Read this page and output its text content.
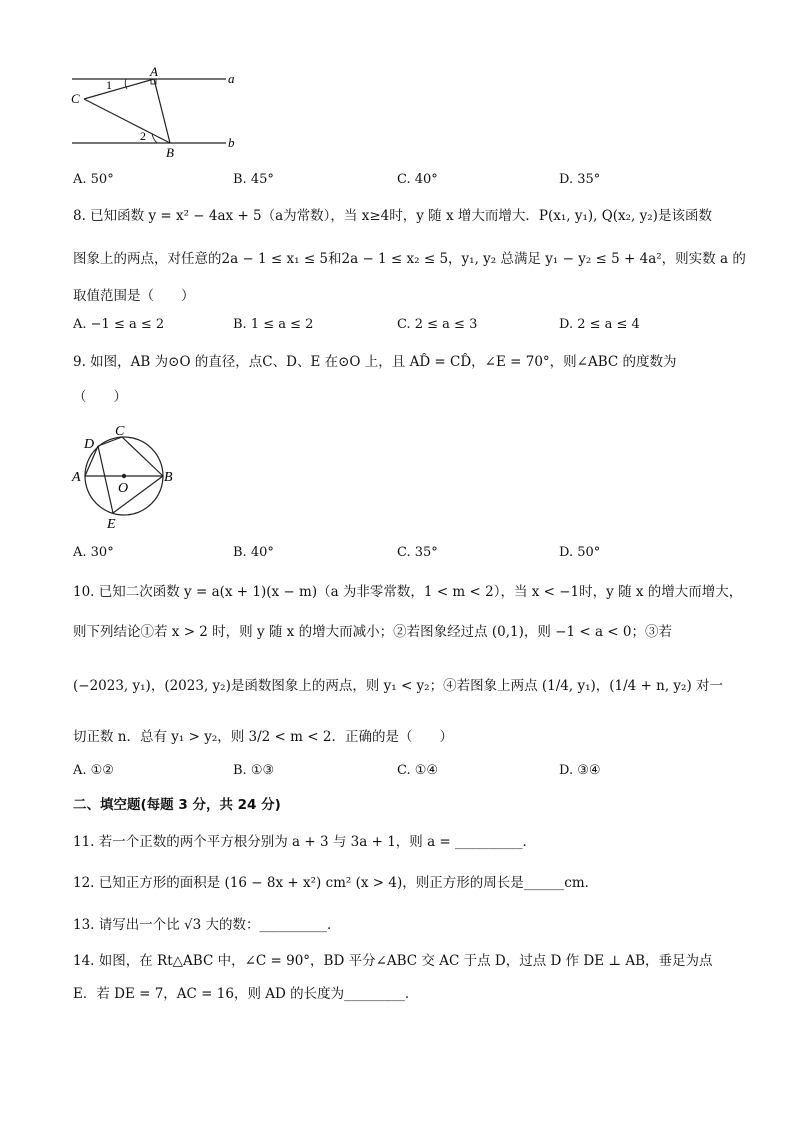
A	a
C
1
2
B
b
A. 50°	B. 45°	C. 40°	D. 35°
8. 已知函数 y = x² − 4ax + 5（a为常数），当 x≥4时，y 随 x 增大而增大．P(x₁, y₁), Q(x₂, y₂)是该函数
图象上的两点，对任意的2a − 1 ≤ x₁ ≤ 5和2a − 1 ≤ x₂ ≤ 5，y₁, y₂ 总满足 y₁ − y₂ ≤ 5 + 4a²，则实数 a 的
取值范围是（　　）
A. −1 ≤ a ≤ 2	B. 1 ≤ a ≤ 2	C. 2 ≤ a ≤ 3	D. 2 ≤ a ≤ 4
9. 如图，AB 为⊙O 的直径，点C、D、E 在⊙O 上，且 AD̂ = CD̂，∠E = 70°，则∠ABC 的度数为
（　　）
D
C
A
O
B
E
A. 30°	B. 40°	C. 35°	D. 50°
10. 已知二次函数 y = a(x + 1)(x − m)（a 为非零常数，1 < m < 2），当 x < −1时，y 随 x 的增大而增大，
则下列结论①若 x > 2 时，则 y 随 x 的增大而减小；②若图象经过点 (0,1)，则 −1 < a < 0；③若
(−2023, y₁)，(2023, y₂)是函数图象上的两点，则 y₁ < y₂；④若图象上两点 (1/4, y₁)，(1/4 + n, y₂) 对一
切正数 n．总有 y₁ > y₂，则 3/2 < m < 2．正确的是（　　）
A. ①②	B. ①③	C. ①④	D. ③④
二、填空题(每题 3 分，共 24 分)
11. 若一个正数的两个平方根分别为 a + 3 与 3a + 1，则 a = __________．
12. 已知正方形的面积是 (16 − 8x + x²) cm² (x > 4)，则正方形的周长是______cm．
13. 请写出一个比 √3 大的数：__________．
14. 如图，在 Rt△ABC 中，∠C = 90°，BD 平分∠ABC 交 AC 于点 D，过点 D 作 DE ⊥ AB，垂足为点
E．若 DE = 7，AC = 16，则 AD 的长度为_________．
